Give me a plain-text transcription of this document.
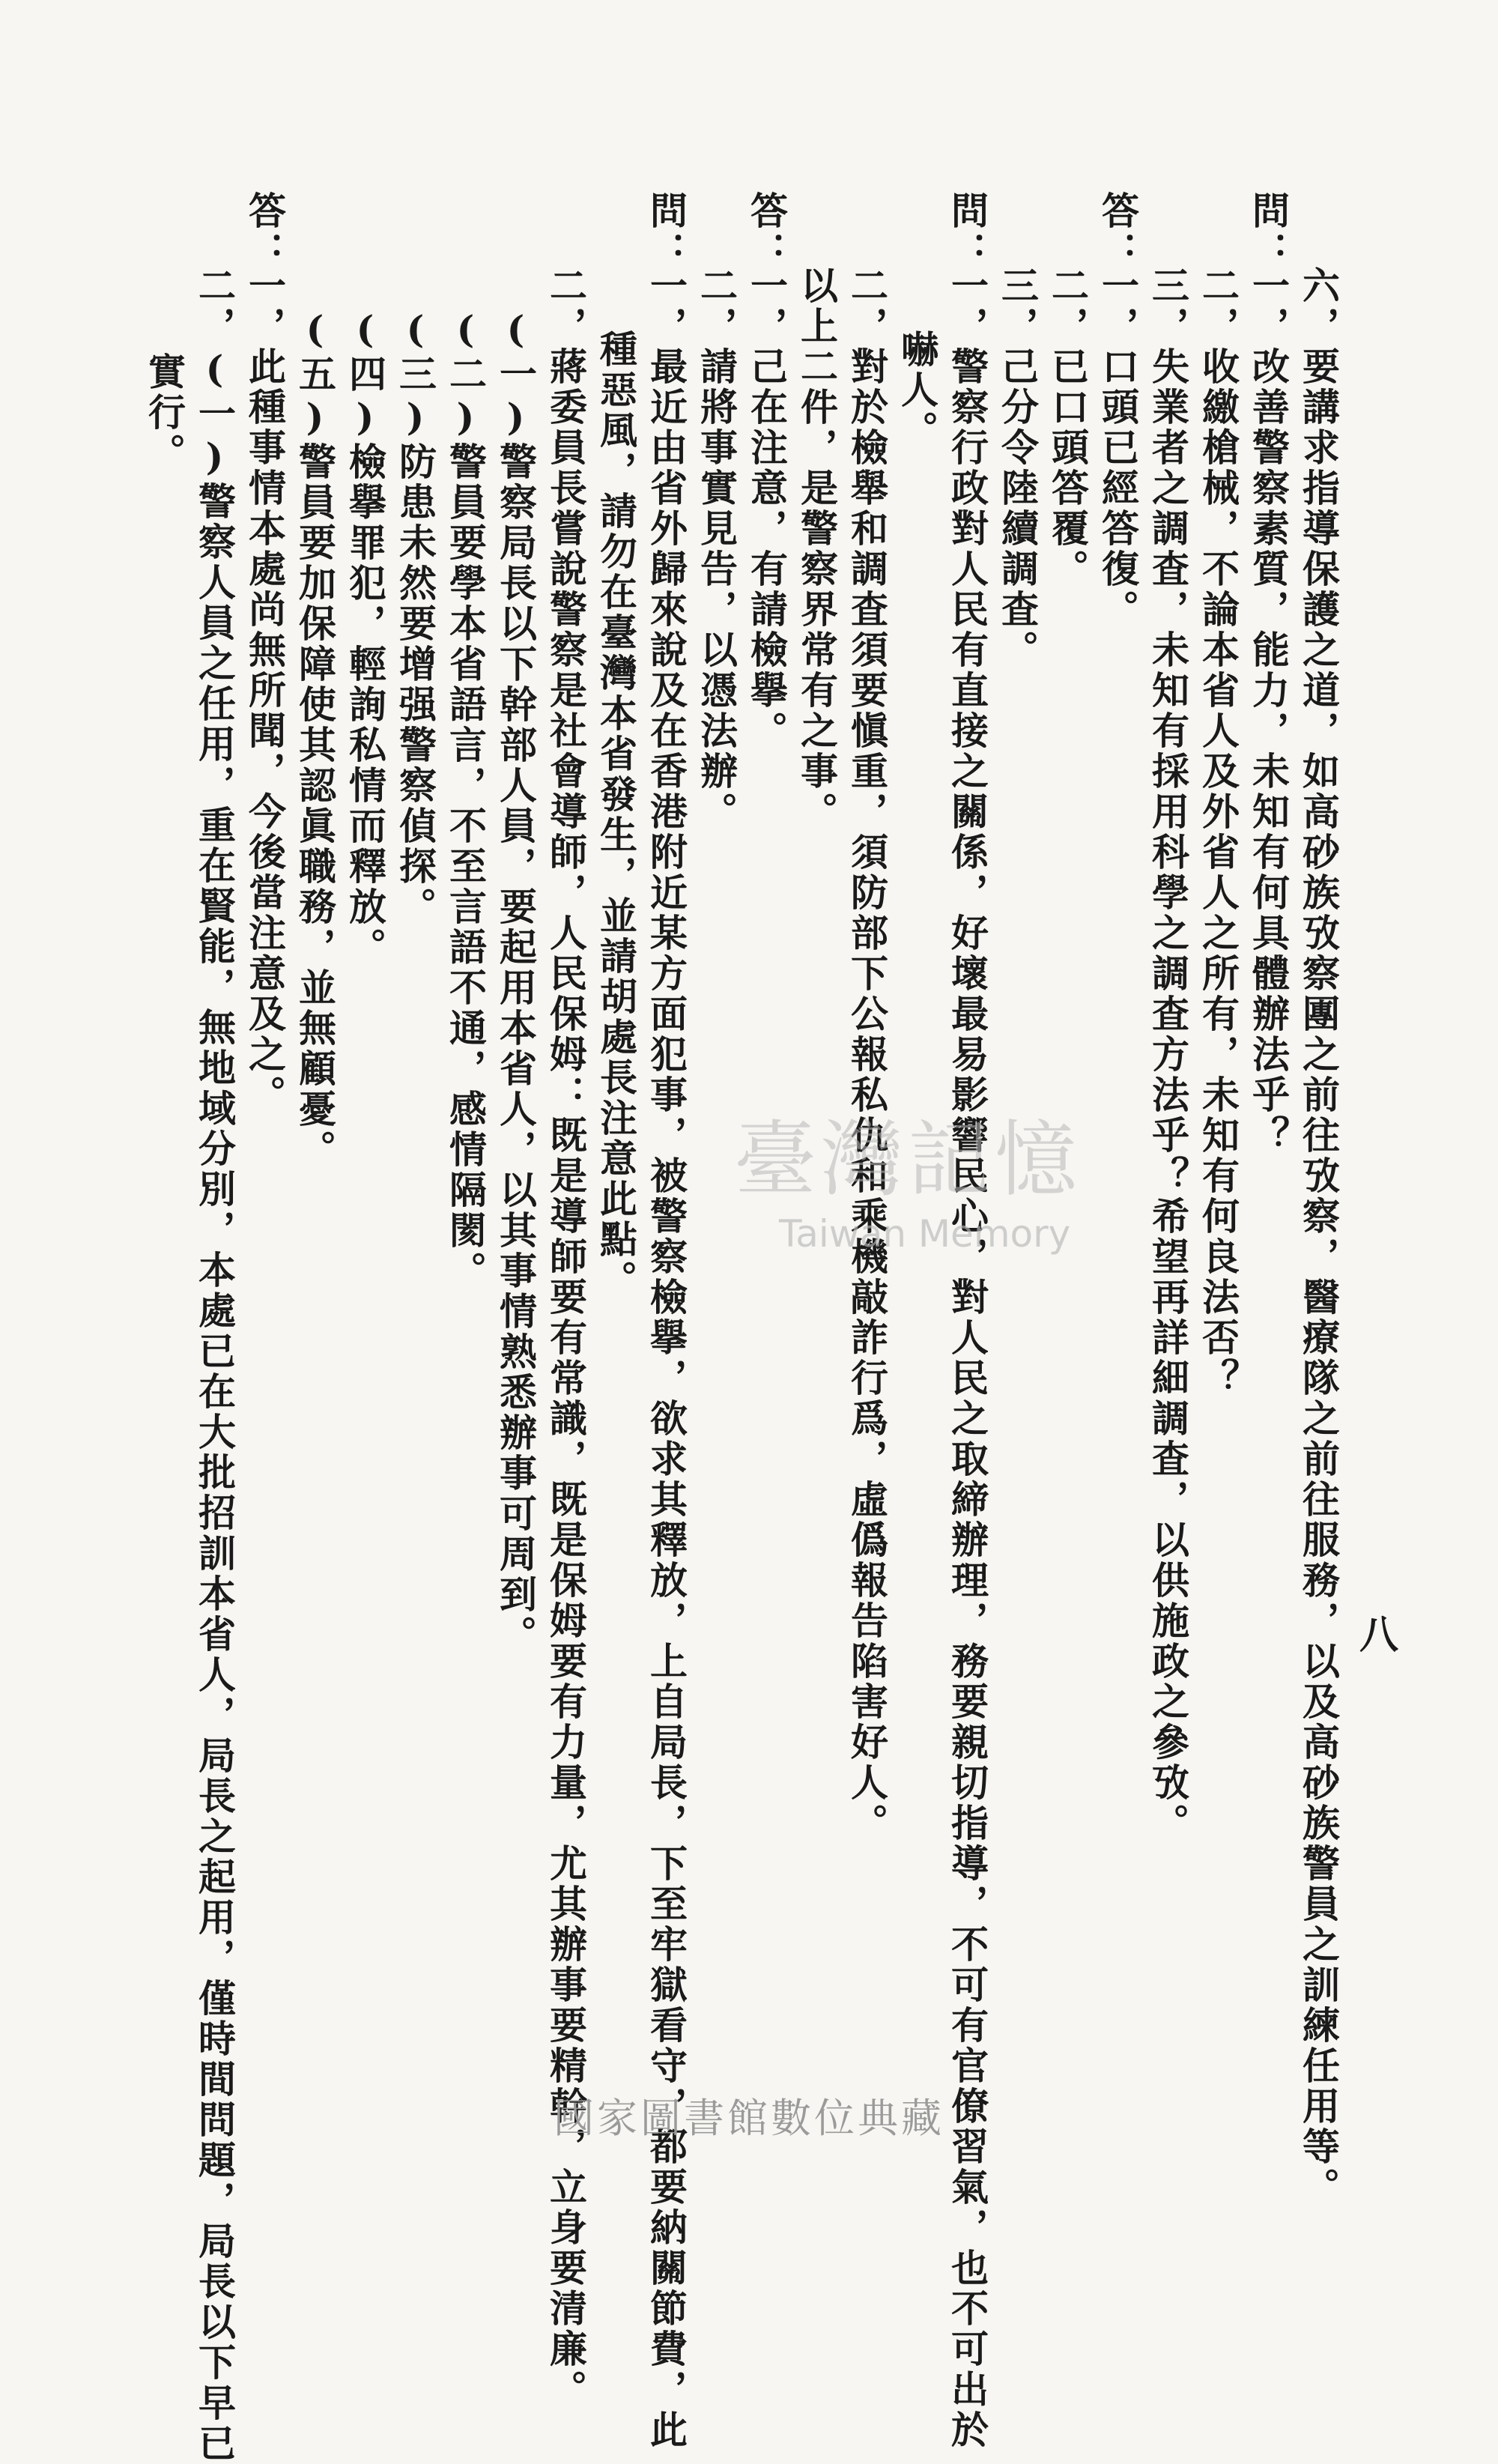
八
六，要講求指導保護之道，如高砂族攷察團之前往攷察，醫療隊之前往服務，以及高砂族警員之訓練任用等。
一，改善警察素質，能力，未知有何具體辦法乎？
二，收繳槍械，不論本省人及外省人之所有，未知有何良法否？
三，失業者之調査，未知有採用科學之調査方法乎？希望再詳細調査，以供施政之參攷。
一，口頭已經答復。
二，已口頭答覆。
三，己分令陸續調査。
一，警察行政對人民有直接之關係，好壞最易影響民心，對人民之取締辦理，務要親切指導，不可有官僚習氣，也不可出於
嚇人。
二，對於檢舉和調査須要愼重，須防部下公報私仇和乘機敲詐行爲，虛僞報告陷害好人。
以上二件，是警察界常有之事。
一，己在注意，有請檢擧。
二，請將事實見告，以憑法辦。
一，最近由省外歸來說及在香港附近某方面犯事，被警察檢擧，欲求其釋放，上自局長，下至牢獄看守，都要納關節費，此
種惡風，請勿在臺灣本省發生，並請胡處長注意此點。
二，蔣委員長嘗說警察是社會導師，人民保姆：既是導師要有常識，既是保姆要有力量，尤其辦事要精幹，立身要清廉。
(一)警察局長以下幹部人員，要起用本省人，以其事情熟悉辦事可周到。
(二)警員要學本省語言，不至言語不通，感情隔閡。
(三)防患未然要增强警察偵探。
(四)檢擧罪犯，輕詢私情而釋放。
(五)警員要加保障使其認眞職務，並無顧憂。
一，此種事情本處尚無所聞，今後當注意及之。
二，(一)警察人員之任用，重在賢能，無地域分別，本處已在大批招訓本省人，局長之起用，僅時間問題，局長以下早已
實行。
問：
答：
問：
答：
問：
答：
臺灣記憶
Taiwan Memory
國家圖書館數位典藏
